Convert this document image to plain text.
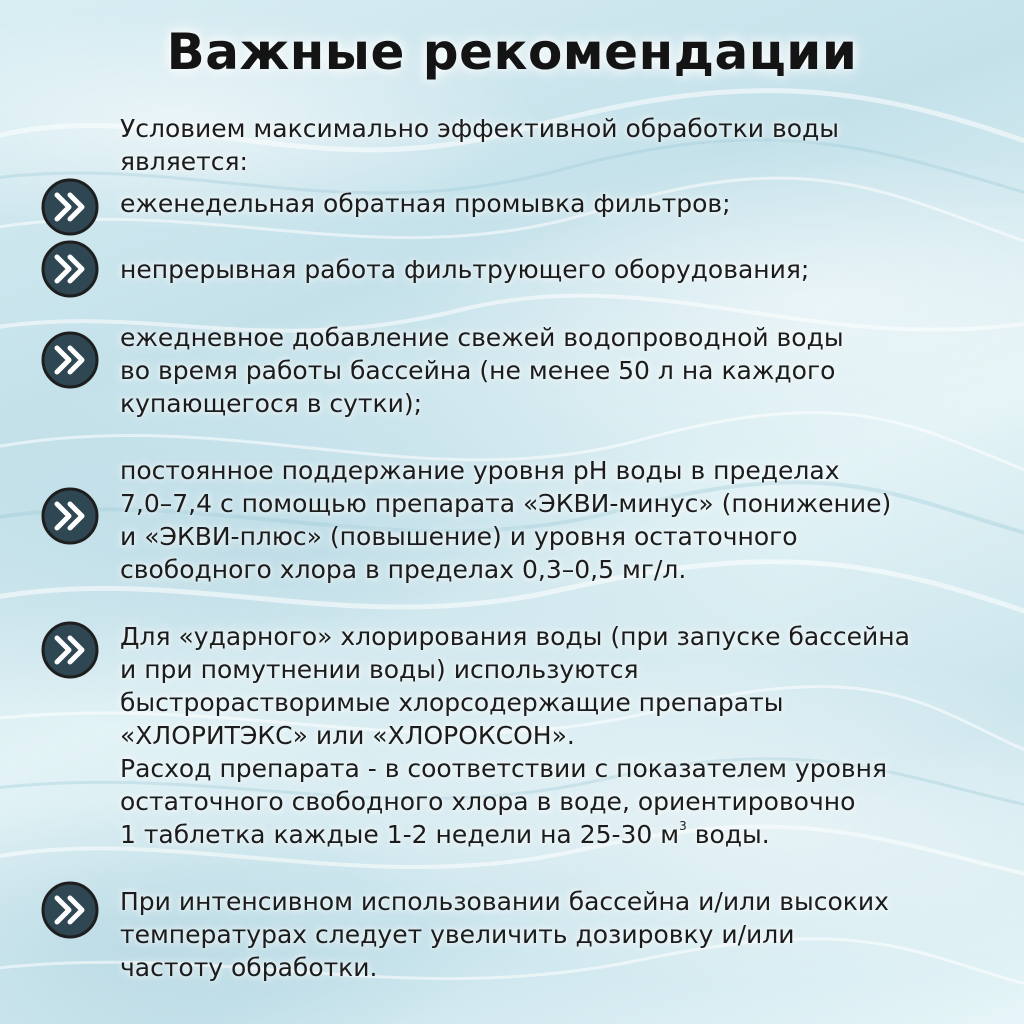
Важные рекомендации
Условием максимально эффективной обработки воды
является:
еженедельная обратная промывка фильтров;
непрерывная работа фильтрующего оборудования;
ежедневное добавление свежей водопроводной воды
во время работы бассейна (не менее 50 л на каждого
купающегося в сутки);
постоянное поддержание уровня pH воды в пределах
7,0–7,4 с помощью препарата «ЭКВИ-минус» (понижение)
и «ЭКВИ-плюс» (повышение) и уровня остаточного
свободного хлора в пределах 0,3–0,5 мг/л.
Для «ударного» хлорирования воды (при запуске бассейна
и при помутнении воды) используются
быстрорастворимые хлорсодержащие препараты
«ХЛОРИТЭКС» или «ХЛОРОКСОН».
Расход препарата - в соответствии с показателем уровня
остаточного свободного хлора в воде, ориентировочно
1 таблетка каждые 1-2 недели на 25-30 $м^3$ воды.
При интенсивном использовании бассейна и/или высоких
температурах следует увеличить дозировку и/или
частоту обработки.
